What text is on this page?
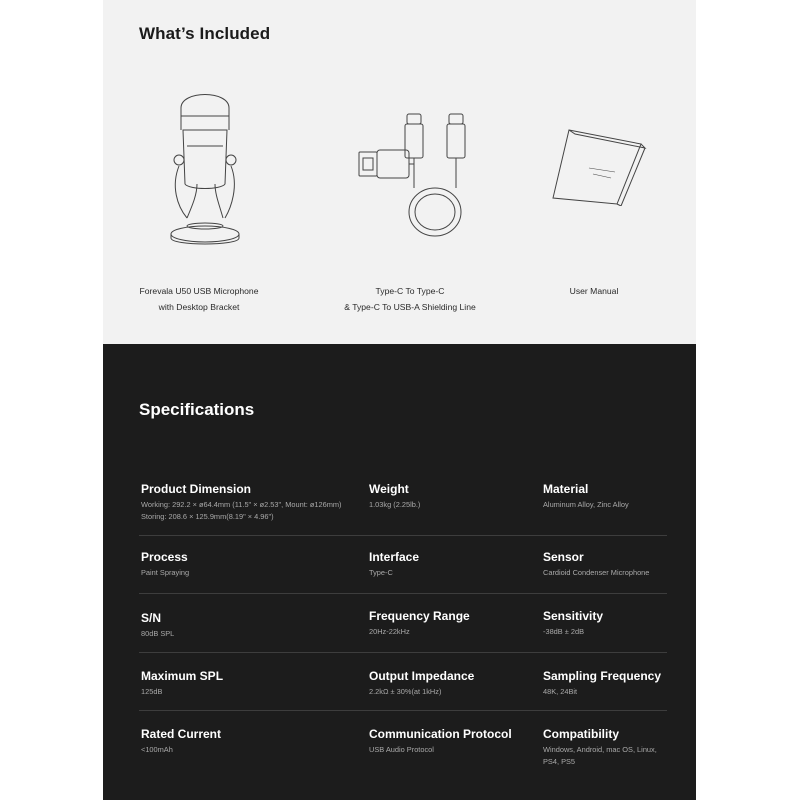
What’s Included
Forevala U50 USB Microphone
with Desktop Bracket
Type-C To Type-C
& Type-C To USB-A Shielding Line
User Manual
Specifications
Product Dimension
Working: 292.2 × ø64.4mm (11.5" × ø2.53", Mount: ø126mm)
Storing: 208.6 × 125.9mm(8.19" × 4.96")
Weight
1.03kg (2.25lb.)
Material
Aluminum Alloy, Zinc Alloy
Process
Paint Spraying
Interface
Type-C
Sensor
Cardioid Condenser Microphone
S/N
80dB SPL
Frequency Range
20Hz-22kHz
Sensitivity
-38dB ± 2dB
Maximum SPL
125dB
Output Impedance
2.2kΩ ± 30%(at 1kHz)
Sampling Frequency
48K, 24Bit
Rated Current
<100mAh
Communication Protocol
USB Audio Protocol
Compatibility
Windows, Android, mac OS, Linux,
PS4, PS5
